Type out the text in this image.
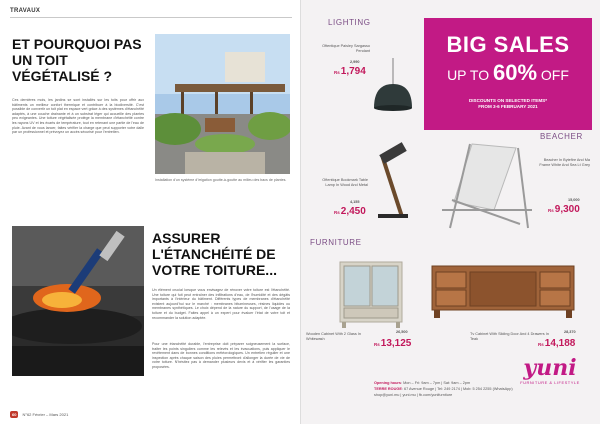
TRAVAUX
ET POURQUOI PAS UN TOIT VÉGÉTALISÉ ?
Ces dernières mois, les jardins se sont installés sur les toits pour offrir aux bâtiments un meilleur confort thermique et contribuer à la biodiversité. C'est possible de convertir un toit plat en espace vert grâce à des systèmes d'étanchéité adaptés, à une couche drainante et à un substrat léger qui accueille des plantes peu exigeantes. Une toiture végétalisée protège la membrane d'étanchéité contre les rayons UV et les écarts de température, tout en retenant une partie de l'eau de pluie. Avant de vous lancer, faites vérifier la charge que peut supporter votre dalle par un professionnel et prévoyez un accès sécurisé pour l'entretien.
Installation d'un système d'irrigation goutte-à-goutte au milieu des bacs de plantes.
ASSURER L'ÉTANCHÉITÉ DE VOTRE TOITURE...
Un élément crucial lorsque vous envisagez de rénover votre toiture est l'étanchéité. Une toiture qui fuit peut entraîner des infiltrations d'eau, de l'humidité et des dégâts importants à l'intérieur du bâtiment. Différents types de membranes d'étanchéité existent aujourd'hui sur le marché : membranes bitumineuses, résines liquides ou membranes synthétiques. Le choix dépend de la nature du support, de l'usage de la toiture et du budget. Faites appel à un expert pour évaluer l'état de votre toit et recommander la solution adaptée.
Pour une étanchéité durable, l'entreprise doit préparer soigneusement la surface, traiter les points singuliers comme les relevés et les évacuations, puis appliquer le revêtement dans de bonnes conditions météorologiques. Un entretien régulier et une inspection après chaque saison des pluies permettront d'allonger la durée de vie de votre toiture. N'hésitez pas à demander plusieurs devis et à vérifier les garanties proposées.
60	N°62 Février – Mars 2021
LIGHTING
Oftentique Paisley Sargasso Pendant
2,990
Rs1,794
Oftentique Bookmark Table Lamp In Wood And Metal
4,155
Rs2,450
BIG SALES
UP TO 60% OFF
DISCOUNTS ON SELECTED ITEMS*
FROM 3-6 FEBRUARY 2021
BEACHER
Beacher In Bytefire And Ma Frame White And Sea Lt Grey
15,000
Rs9,300
FURNITURE
Wooden Cabinet With 2 Glass In Whitewash
26,500
Rs13,125
Tv Cabinet With Sliding Door And 4 Drawers In Teak
28,370
Rs14,188
Opening hours: Mon – Fri: 9am – 7pm | Sat: 9am – 2pm
TERRE ROUGE: 67 Avenue Rouge | Tel: 249 2174 | Mob: 5 254 2255 (WhatsApp)
shop@yuni.mu | yuni.mu | fb.com/yunifurniture
yuni
FURNITURE & LIFESTYLE
